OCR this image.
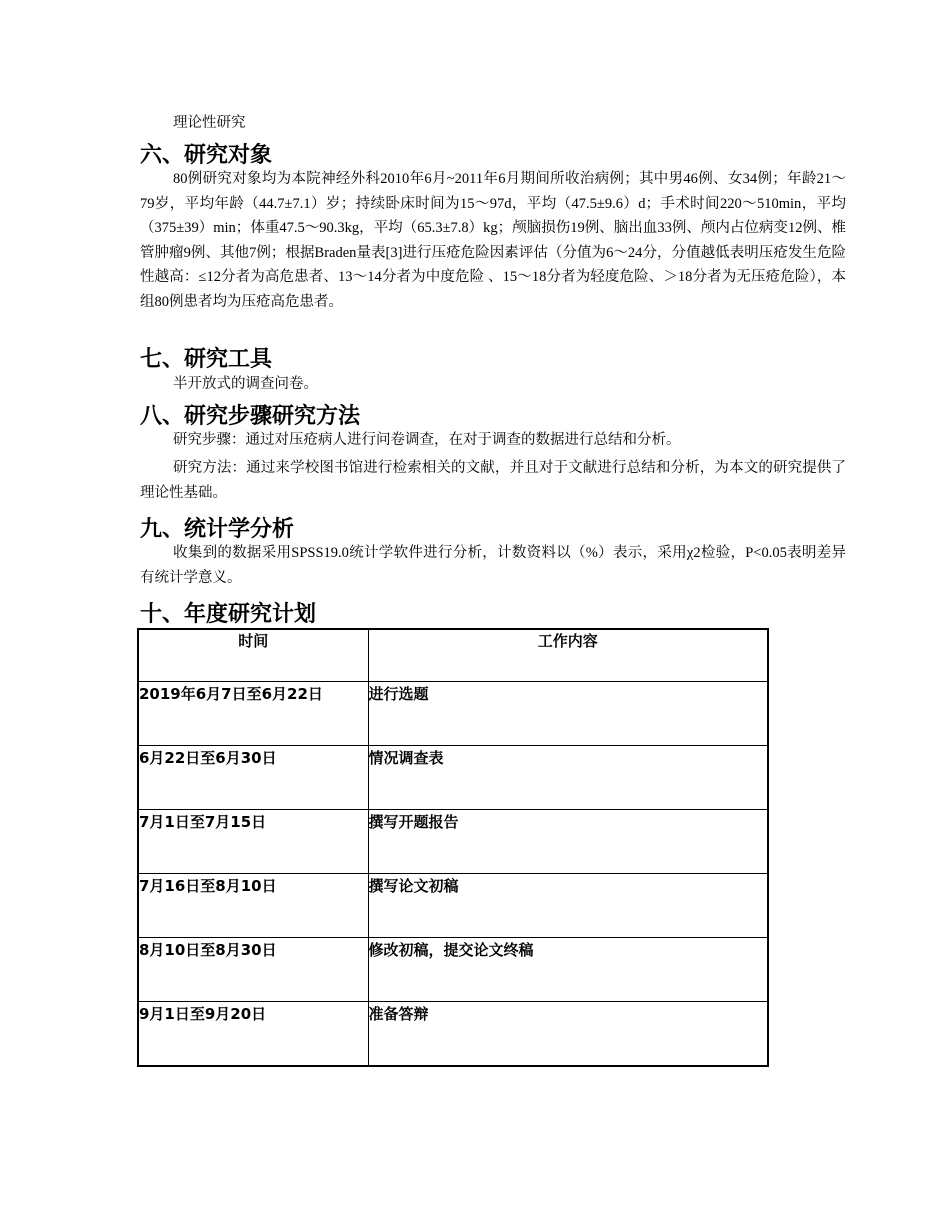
理论性研究

六、研究对象

80例研究对象均为本院神经外科2010年6月~2011年6月期间所收治病例；其中男46例、女34例；年龄21～79岁，平均年龄（44.7±7.1）岁；持续卧床时间为15～97d，平均（47.5±9.6）d；手术时间220～510min，平均（375±39）min；体重47.5～90.3kg，平均（65.3±7.8）kg；颅脑损伤19例、脑出血33例、颅内占位病变12例、椎管肿瘤9例、其他7例；根据Braden量表[3]进行压疮危险因素评估（分值为6～24分，分值越低表明压疮发生危险性越高：≤12分者为高危患者、13～14分者为中度危险 、15～18分者为轻度危险、＞18分者为无压疮危险），本组80例患者均为压疮高危患者。

七、研究工具

半开放式的调查问卷。

八、研究步骤研究方法

研究步骤：通过对压疮病人进行问卷调查，在对于调查的数据进行总结和分析。

研究方法：通过来学校图书馆进行检索相关的文献，并且对于文献进行总结和分析，为本文的研究提供了理论性基础。

九、统计学分析

收集到的数据采用SPSS19.0统计学软件进行分析，计数资料以（%）表示，采用χ2检验，P<0.05表明差异有统计学意义。

十、年度研究计划
时间	工作内容
2019年6月7日至6月22日	进行选题
6月22日至6月30日	情况调查表
7月1日至7月15日	撰写开题报告
7月16日至8月10日	撰写论文初稿
8月10日至8月30日	修改初稿，提交论文终稿
9月1日至9月20日	准备答辩
